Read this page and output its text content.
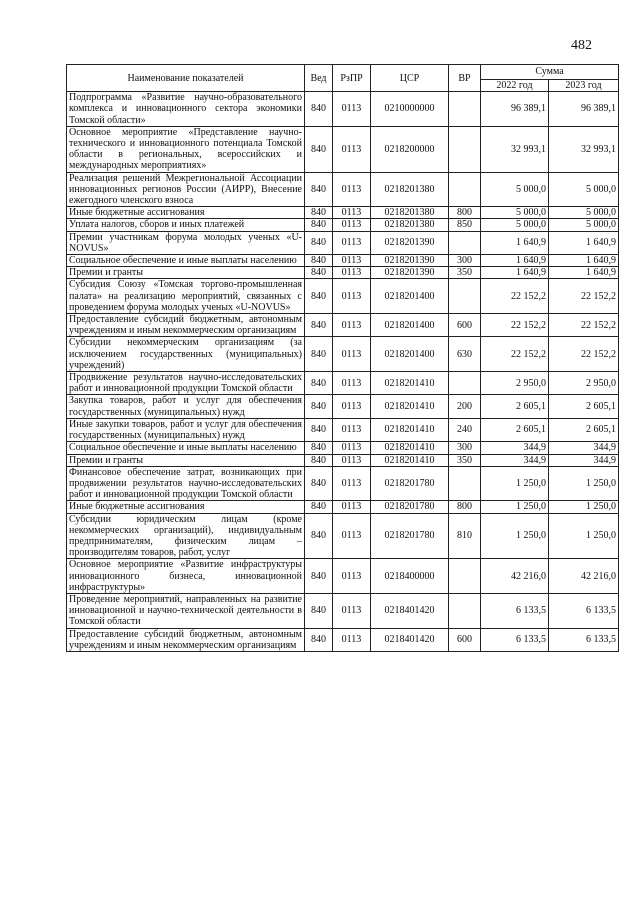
482
Наименование показателей	Вед	РзПР	ЦСР	ВР	Сумма	
					2022 год	2023 год
Подпрограмма «Развитие научно-образовательного комплекса и инновационного сектора экономики Томской области»	840	0113	0210000000		96 389,1	96 389,1
Основное мероприятие «Представление научно-технического и инновационного потенциала Томской области в региональных, всероссийских и международных мероприятиях»	840	0113	0218200000		32 993,1	32 993,1
Реализация решений Межрегиональной Ассоциации инновационных регионов России (АИРР), Внесение ежегодного членского взноса	840	0113	0218201380		5 000,0	5 000,0
Иные бюджетные ассигнования	840	0113	0218201380	800	5 000,0	5 000,0
Уплата налогов, сборов и иных платежей	840	0113	0218201380	850	5 000,0	5 000,0
Премии участникам форума молодых ученых «U-NOVUS»	840	0113	0218201390		1 640,9	1 640,9
Социальное обеспечение и иные выплаты населению	840	0113	0218201390	300	1 640,9	1 640,9
Премии и гранты	840	0113	0218201390	350	1 640,9	1 640,9
Субсидия Союзу «Томская торгово-промышленная палата» на реализацию мероприятий, связанных с проведением форума молодых ученых «U-NOVUS»	840	0113	0218201400		22 152,2	22 152,2
Предоставление субсидий бюджетным, автономным учреждениям и иным некоммерческим организациям	840	0113	0218201400	600	22 152,2	22 152,2
Субсидии некоммерческим организациям (за исключением государственных (муниципальных) учреждений)	840	0113	0218201400	630	22 152,2	22 152,2
Продвижение результатов научно-исследовательских работ и инновационной продукции Томской области	840	0113	0218201410		2 950,0	2 950,0
Закупка товаров, работ и услуг для обеспечения государственных (муниципальных) нужд	840	0113	0218201410	200	2 605,1	2 605,1
Иные закупки товаров, работ и услуг для обеспечения государственных (муниципальных) нужд	840	0113	0218201410	240	2 605,1	2 605,1
Социальное обеспечение и иные выплаты населению	840	0113	0218201410	300	344,9	344,9
Премии и гранты	840	0113	0218201410	350	344,9	344,9
Финансовое обеспечение затрат, возникающих при продвижении результатов научно-исследовательских работ и инновационной продукции Томской области	840	0113	0218201780		1 250,0	1 250,0
Иные бюджетные ассигнования	840	0113	0218201780	800	1 250,0	1 250,0
Субсидии юридическим лицам (кроме некоммерческих организаций), индивидуальным предпринимателям, физическим лицам – производителям товаров, работ, услуг	840	0113	0218201780	810	1 250,0	1 250,0
Основное мероприятие «Развитие инфраструктуры инновационного бизнеса, инновационной инфраструктуры»	840	0113	0218400000		42 216,0	42 216,0
Проведение мероприятий, направленных на развитие инновационной и научно-технической деятельности в Томской области	840	0113	0218401420		6 133,5	6 133,5
Предоставление субсидий бюджетным, автономным учреждениям и иным некоммерческим организациям	840	0113	0218401420	600	6 133,5	6 133,5
